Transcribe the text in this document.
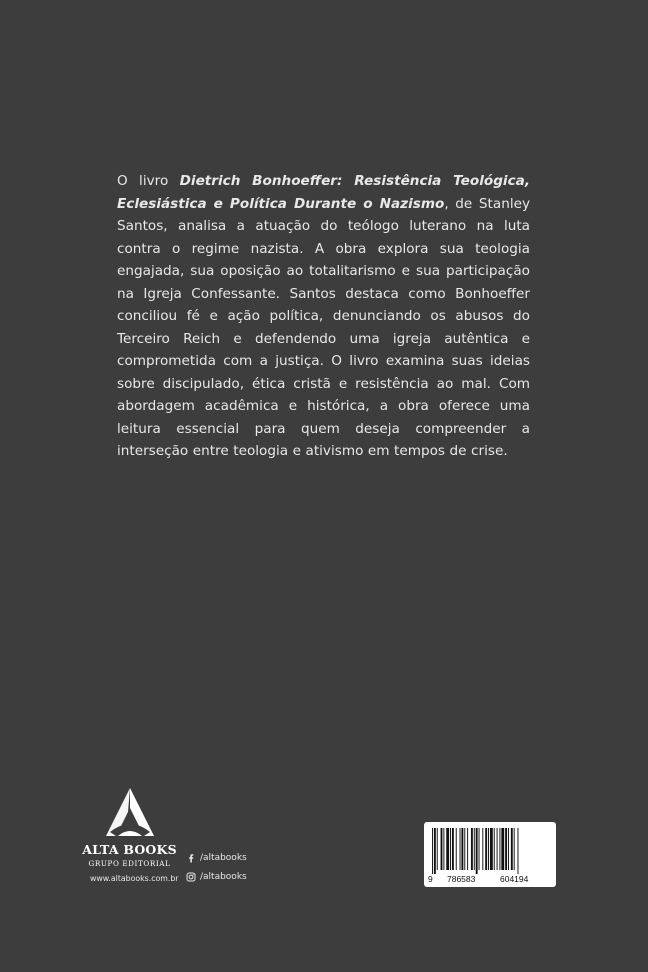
O livro Dietrich Bonhoeffer: Resistência Teológica, Eclesiástica e Política Durante o Nazismo, de Stanley Santos, analisa a atuação do teólogo luterano na luta contra o regime nazista. A obra explora sua teologia engajada, sua oposição ao totalitarismo e sua participação na Igreja Confessante. Santos destaca como Bonhoeffer conciliou fé e ação política, denunciando os abusos do Terceiro Reich e defendendo uma igreja autêntica e comprometida com a justiça. O livro examina suas ideias sobre discipulado, ética cristã e resistência ao mal. Com abordagem acadêmica e histórica, a obra oferece uma leitura essencial para quem deseja compreender a interseção entre teologia e ativismo em tempos de crise.
ALTA BOOKS
GRUPO EDITORIAL
www.altabooks.com.br
/altabooks
/altabooks	9 786583	604194
